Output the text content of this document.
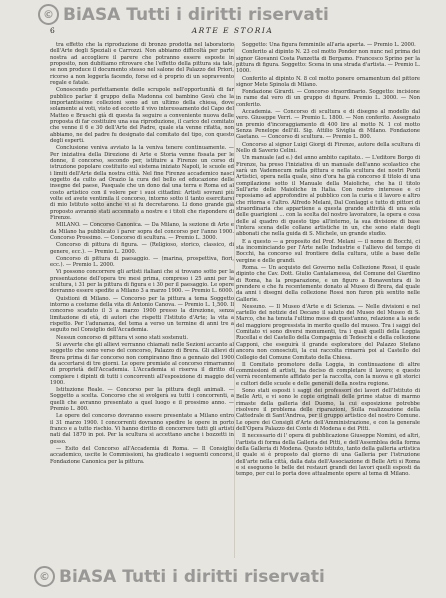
© BiASA Tutti i diritti riservati
ARTE E STORIA
6

tra effetto che la riproduzione di bronzo prodotta nel laboratorio dell'Arte degli Speziali e Carrozzi. Non abbiamo difficoltà per parte nostra ad accogliere il parere che potranno essere esposte in proposito, non dubitiamo ritrovare che l'effetto della pittura sia tale, se non produce il documento stesso nel salone del Palazzo dei Priori, ricorso a non leggerla facendo, forse ed è proprio di un sopravvento regale e fatale.

Conoscendo perfettamente delle scrupole nell'opportunità di far pubblico parlar il gruppo della Madonna col bambino Gesù che la importantissime collezioni sono ad un ultimo della chiesa, dove solamente ai voti, visto ed eccetto il vivo interessamento del Capo del Matteo e Bruschi già di questa fa seguire a conveniente nuova delle proposta di far costituire una sua riproduzione, il carico del comitato che venne il 6 e 30 dell'Arte del Padre, quale sta venne rifatta, non abbiamo, ne del padre fu designato dal comitato del tipo, con questo degli esperti.

Conclusione veniva avviato la la veniva tenere continuamente. — Per iniziativa della Direzione di Arte e Storia venne fissata per le donne, il concorso, secondo per, istituire a Firenze un corso di istruzione popolare costituito sul sistema iniziato Napoli, le scuole ed i limiti dell'Arte della nostra città. Nel fine Firenze accademico nasci oggetto da culto ad Orazio la cura del bello ed educazione delle insegne del paese, Pasquale che un dono dal una terra e Roma ed al costo artistico con il volere per i suoi cittadini: Artisti sovrani più volte ed avete ventimila il concorso, intorno sotto il tanto esercitarsi di mio Istituto sotto anche vi si fu decretarono. Li dono grande già proposto avranno stati accennato a nostre e i titoli che rispondere di Firenze.

MILANO. — Concorso Canonica. — Da Milano, la sezione di Arte e da Milano ha pubblicato i parer sopra del concorso per l'anno 1900. Concorso Prossimo. — Concorso di scultura. — Premio L. 3000.

Concorso di pittura di figura. — (Religioso, storico, classico, di genere, ecc.). — Premio L. 2000.

Concorso di pittura di paesaggio. — (marina, prospettiva, fiori, ecc.). — Premio L. 2000.

Vi possono concorrere gli artisti italiani che si trovano sotto per la presentazione dell'opera tre mesi prima, compreso i 25 anni per la scultura, i 31 per la pittura di figura e i 30 per il paesaggio. Le opere dovranno essere spedite a Milano 3 a marzo 1900. — Premio L. 6000.

Quistioni di Milano. — Concorso per la pittura a tema Soggetto intorno a costume della vita di Antonio Canova. — Premio L. 1,500. Il concorso scaduto il 3 a marzo 1900 presso la direzione, senza limitazione di età, di autori che rispetti l'Istituto d'Arte; la vita a rispetto. Per l'adunanza, del tema a verso un termine di anni tre a seguito nel Consiglio dell'Accademia.

Nessun concorso di pittura vi sono stati sostenuti.

Si avverte che gli allievi verranno chiamati nelle Sezioni accanto al soggetto che sono verso del concorso, Palazzo di Brera. Gli allievi di Brera prima di far concorso non compiranno fino a gennaio del 1900 da accertarsi di tre giorni. Le opere premiate al concorso rimarranno di proprietà dell'Accademia. L'Accademia si riserva il diritto di compiere i dipinti di tutti i concorrenti all'esposizione di maggio del 1900.

Istituzione Reale. — Concorso per la pittura degli animali. — Soggetto a scelta. Concorso che si svolgerà su tutti i concorrenti, a quelli che avranno presentato a quel luogo e il prossimo anno. — Premio L. 800.

Le opere del concorso dovranno essere presentate a Milano entro il 31 marzo 1900. I concorrenti dovranno spedire le opere in porto franco e a tutto rischio. Vi hanno diritto di concorrere tutti gli artisti nati dal 1870 in poi. Per la scultura si accettano anche i bozzetti in gesso.

— Esito del Concorso all'Accademia di Roma. — Il Consiglio accademico, uscite le Commissioni, ha giudicato i seguenti concorsi, Fondazione Canonica per la pittura.

Soggetto: Una figura femminile all'aria aperta. — Premio L. 2000.

Conferito al dipinto N. 23 col motto Ponder non nunc nel prima dei signor Giovanni Costa Panzetta di Bergamo. Francesco Sprino per la pittura di figura. Soggetto: Scena in una strada d'artista. — Premio L. 1000.

Conferito al dipinto N. 8 col motto ponere ornamentum del pittore signor Mete Spinola di Milano.

Fondazione Girardi. — Concorso straordinario. Soggetto: incisione in rame dal vero di un gruppo di figure. Premio L. 3000. — Non conferito.

Accademia. — Concorso di scultura e di disegno al modello dal vero. Giuseppe Verri. — Premio L. 1800. — Non conferito. Assegnato un premio d'incoraggiamento di 400 lire al motto N. 1 col motto Senza Penelope dell'ill. Sig. Attilio Siviglia di Milano. Fondazione Gaetano. — Concorso di scultura. — Premio L. 800.

Concorso al signor Luigi Giorgi di Firenze, autore della scultura di Nello di Saverio Celini.

Un manuale (ad e.) del anno ambito capitato.. — L'editore Borgo di Firenze, ha preso l'iniziativa di un manuale dell'anno scolastico che sarà un Vademecum nella pittura e nella scultura dei nostri Ponti Artistici, opera nella quale, sino d'ora ha già concorso il titolo di una compilazione sotto il Manuale della Maioliche, che ha il titolo Sull'arte delle Maioliche in Italia. Con nostro interesse e ci reposiamo ad approfondire al pubblico con la curia e il lavoro e altro che ritorna e l'altro. Alfredo Melani, Dal Conlaggi e tutto di pittori di straordinaria che appartiene a questa grande attività di una sola delle guarigioni ... con la scelta del nostro lavoratore, la opera e cosa delle al quadro di questo tipo all'interno, la sua divisione di base l'intera scena delle collane artistiche in un, che sono state degli abbonati che nella guida di S. Michele, un grande studio.

E a questo — a proposito del Prof. Melani — il nome di Bocchi, ci sta incominciando per l'Arte nelle Industrie e l'allievo del tempo di Bocchi, ha concorso sul frontiere della cultura, utile a base delle vergine e delle grandi.

Roma. — Un acquisto del Governo nella Collezione Rossi, il quale dipinto che Cav. Dott. Giulio Cantalamessa, del Comune del Giardino di Roma, ha la preparazione, e un figuro a Bonaventura di lo prendere e che fu recentemente donato al Museo di Brera, dal quale da anni i disegni della collezione Rossi non furon più sentito nelle Gallerie.

Nessuno. — Il Museo d'Arte e di Scienza. — Nelle divisioni e nel cartello del notizie del Decano il saluto del Museo del Museo di S. Marco, che ha tenuta l'ultimo mese di quest'anno, relazione a la sede del maggiore progressista in merito quello del museo. Tra i saggi del Comitato vi sono diversi monumenti, tra i quali quelli della Loggia Rucellai e del Castello della Compagnia di Tedeschi e della collezione Capponi, che eseguirà il grande esploratore del Palazzo Stefano ancora non conosciuti, la cui raccolta rimarrà poi al Castello del Collegio del Comune Comitato della Chiesa.

Il Comitato promotore della Loggia, in continuazione di altre commissioni di artisti, ha deciso di completare il lavoro; e questo verrà recentemente affidato per la raccolta, con la nuova e gli storici e cultori delle scuole e delle generali della nostra regione.

Sono stati esposti i saggi dei professori dei lavori dell'Istituto di Belle Arti, e vi sono le copie originali delle prime statue di marmo rimaste della galleria del Duomo, la cui esposizione potrebbe risolvere il problema delle riparazioni, Sulla realizzazione della Cattedrale di Sant'Andrea, per il gruppo artistico del nostro Comune. Le opere dei Consigli d'Arte dell'Amministrazione, e con la generale dell'Opera Palazzo dei Conte di Modena e dei Pitti.

Il necessario di l' opera di pubblicazione Giuseppe Nomini, ed altri, l'artista di forma della Galleria dei Pitti, e dell'Assemblea della forma della Galleria di Modena. Questo istituto, tanto della galleria artistica il quale si è proposto dal giorno di una Galleria per l'istruzione dell'arte nella città, dalla data dell'Associazione di Belle Arti si Roma e si eseguono le belle dei restauri grandi dei lavori quelli esposti da tempo, per cui lo porta dove attualmente opere al tema di Milano.

© BiASA Tutti i diritti riservati
